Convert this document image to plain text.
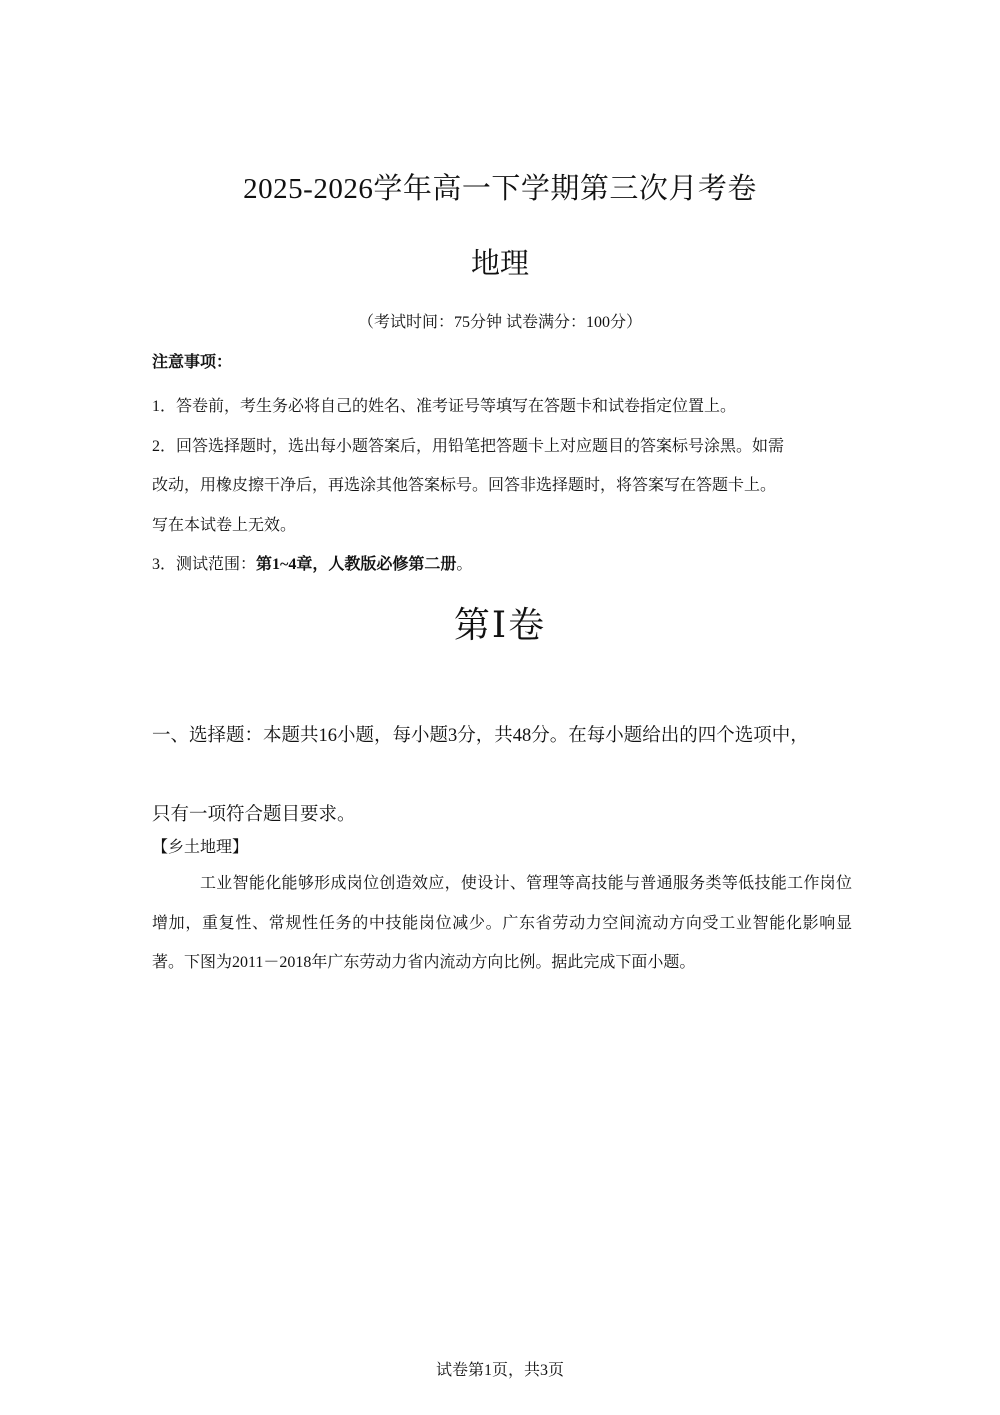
2025-2026学年高一下学期第三次月考卷
地理
（考试时间：75分钟 试卷满分：100分）
注意事项：

1．答卷前，考生务必将自己的姓名、准考证号等填写在答题卡和试卷指定位置上。

2．回答选择题时，选出每小题答案后，用铅笔把答题卡上对应题目的答案标号涂黑。如需

改动，用橡皮擦干净后，再选涂其他答案标号。回答非选择题时，将答案写在答题卡上。

写在本试卷上无效。

3．测试范围：第1~4章，人教版必修第二册。

第Ⅰ卷

一、选择题：本题共16小题，每小题3分，共48分。在每小题给出的四个选项中，

只有一项符合题目要求。

【乡土地理】

工业智能化能够形成岗位创造效应，使设计、管理等高技能与普通服务类等低技能工作岗位增加，重复性、常规性任务的中技能岗位减少。广东省劳动力空间流动方向受工业智能化影响显著。下图为2011－2018年广东劳动力省内流动方向比例。据此完成下面小题。

试卷第1页，共3页
